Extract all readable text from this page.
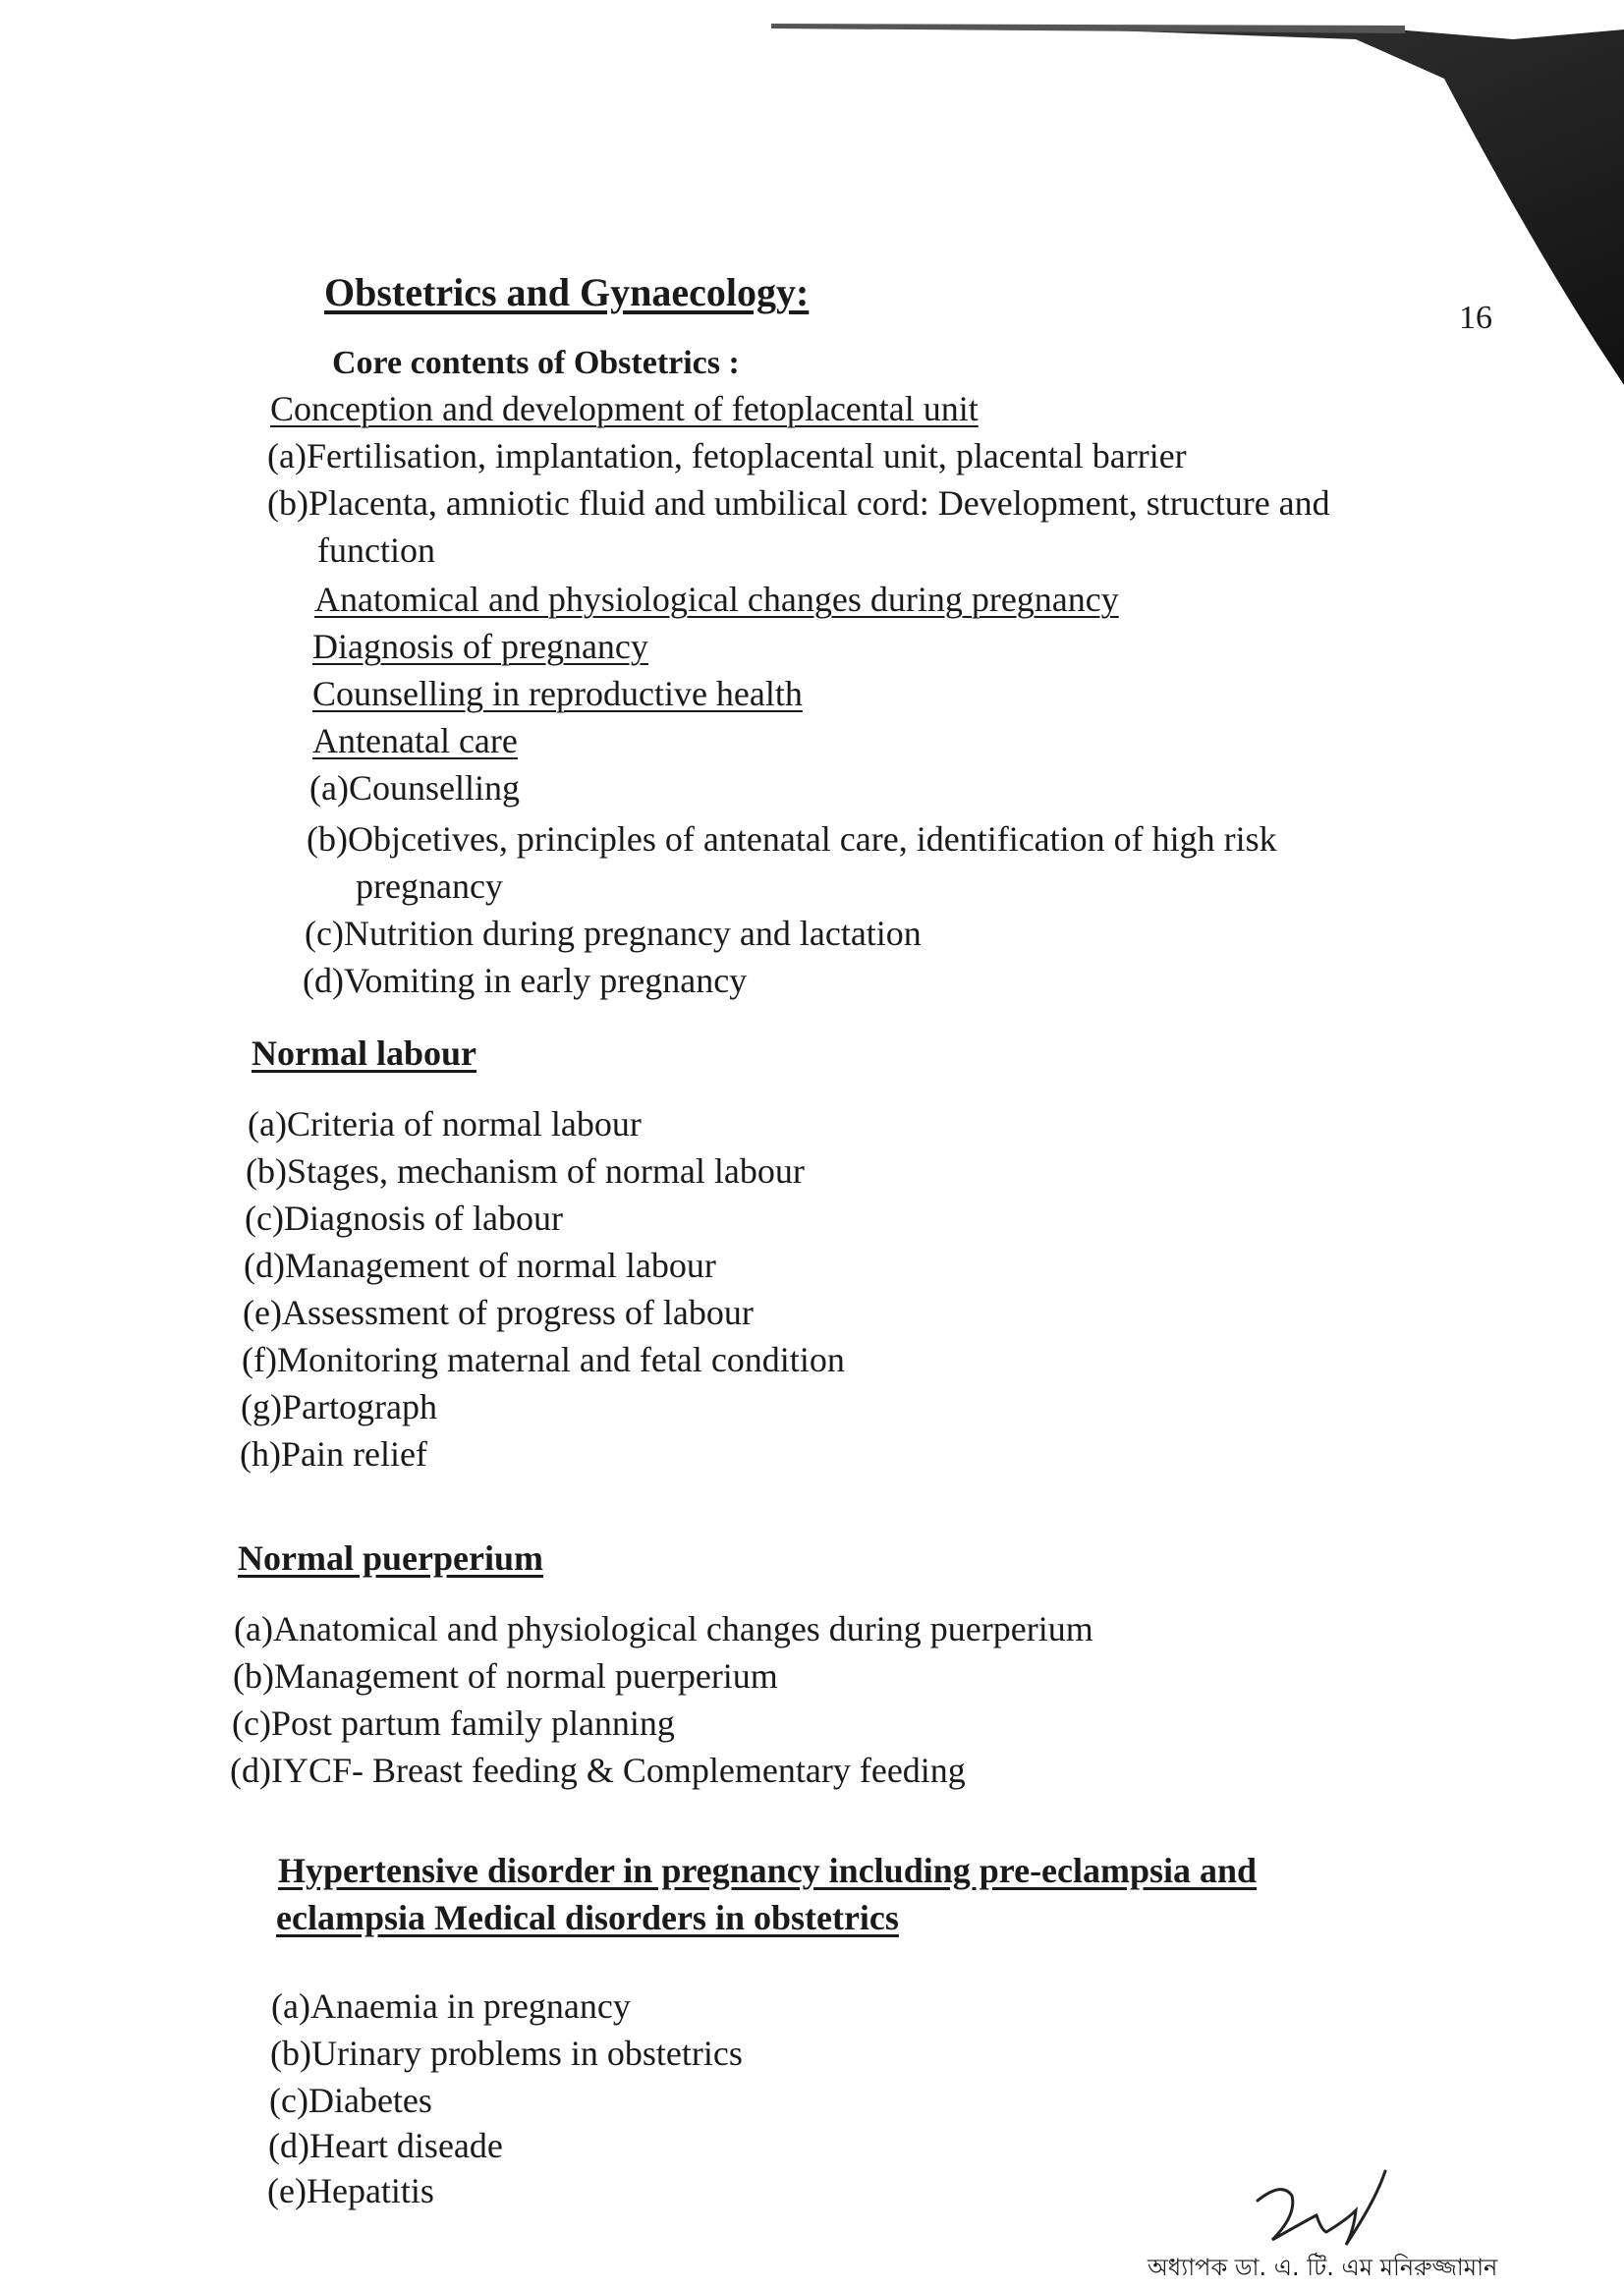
16
Obstetrics and Gynaecology:
Core contents of Obstetrics :
Conception and development of fetoplacental unit
(a) Fertilisation, implantation, fetoplacental unit, placental barrier
(b) Placenta, amniotic fluid and umbilical cord: Development, structure and
function
Anatomical and physiological changes during pregnancy
Diagnosis of pregnancy
Counselling in reproductive health
Antenatal care
(a) Counselling
(b) Objcetives, principles of antenatal care, identification of high risk
pregnancy
(c) Nutrition during pregnancy and lactation
(d) Vomiting in early pregnancy
Normal labour
(a) Criteria of normal labour
(b) Stages, mechanism of normal labour
(c) Diagnosis of labour
(d) Management of normal labour
(e) Assessment of progress of labour
(f) Monitoring maternal and fetal condition
(g) Partograph
(h) Pain relief
Normal puerperium
(a) Anatomical and physiological changes during puerperium
(b) Management of normal puerperium
(c) Post partum family planning
(d) IYCF- Breast feeding & Complementary feeding
Hypertensive disorder in pregnancy including pre-eclampsia and
eclampsia Medical disorders in obstetrics
(a) Anaemia in pregnancy
(b) Urinary problems in obstetrics
(c) Diabetes
(d) Heart diseade
(e) Hepatitis
অধ্যাপক ডা. এ. টি. এম মনিরুজ্জামান
